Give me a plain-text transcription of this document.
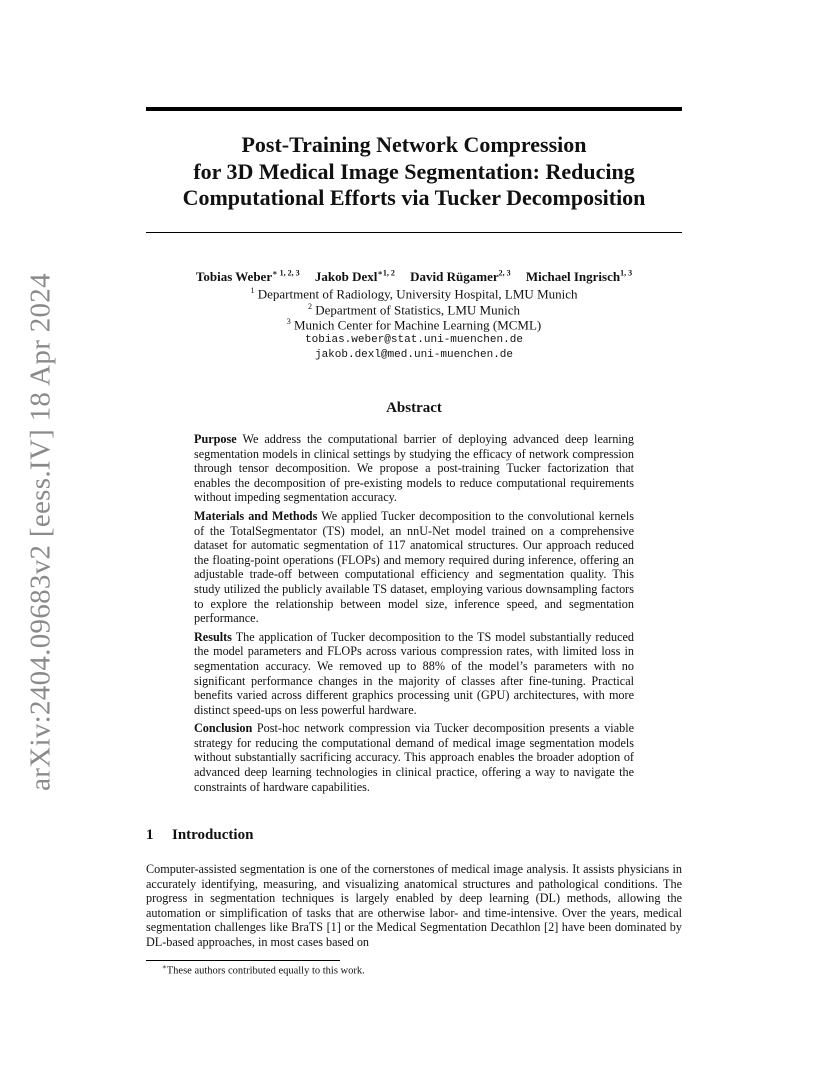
arXiv:2404.09683v2 [eess.IV] 18 Apr 2024
Post-Training Network Compression
for 3D Medical Image Segmentation: Reducing
Computational Efforts via Tucker Decomposition
Tobias Weber$^{∗ 1, 2, 3}$ Jakob Dexl$^{∗1, 2}$ David Rügamer$^{2, 3}$ Michael Ingrisch$^{1, 3}$
$^1$ Department of Radiology, University Hospital, LMU Munich
$^2$ Department of Statistics, LMU Munich
$^3$ Munich Center for Machine Learning (MCML)
tobias.weber@stat.uni-muenchen.de
jakob.dexl@med.uni-muenchen.de
Abstract

Purpose We address the computational barrier of deploying advanced deep learning segmentation models in clinical settings by studying the efficacy of network compression through tensor decomposition. We propose a post-training Tucker factorization that enables the decomposition of pre-existing models to reduce computational requirements without impeding segmentation accuracy.

Materials and Methods We applied Tucker decomposition to the convolutional kernels of the TotalSegmentator (TS) model, an nnU-Net model trained on a comprehensive dataset for automatic segmentation of 117 anatomical structures. Our approach reduced the floating-point operations (FLOPs) and memory required during inference, offering an adjustable trade-off between computational efficiency and segmentation quality. This study utilized the publicly available TS dataset, employing various downsampling factors to explore the relationship between model size, inference speed, and segmentation performance.

Results The application of Tucker decomposition to the TS model substantially reduced the model parameters and FLOPs across various compression rates, with limited loss in segmentation accuracy. We removed up to 88% of the model’s parameters with no significant performance changes in the majority of classes after fine-tuning. Practical benefits varied across different graphics processing unit (GPU) architectures, with more distinct speed-ups on less powerful hardware.

Conclusion Post-hoc network compression via Tucker decomposition presents a viable strategy for reducing the computational demand of medical image segmentation models without substantially sacrificing accuracy. This approach enables the broader adoption of advanced deep learning technologies in clinical practice, offering a way to navigate the constraints of hardware capabilities.

1 Introduction

Computer-assisted segmentation is one of the cornerstones of medical image analysis. It assists physicians in accurately identifying, measuring, and visualizing anatomical structures and pathological conditions. The progress in segmentation techniques is largely enabled by deep learning (DL) methods, allowing the automation or simplification of tasks that are otherwise labor- and time-intensive. Over the years, medical segmentation challenges like BraTS [1] or the Medical Segmentation Decathlon [2] have been dominated by DL-based approaches, in most cases based on

∗These authors contributed equally to this work.
